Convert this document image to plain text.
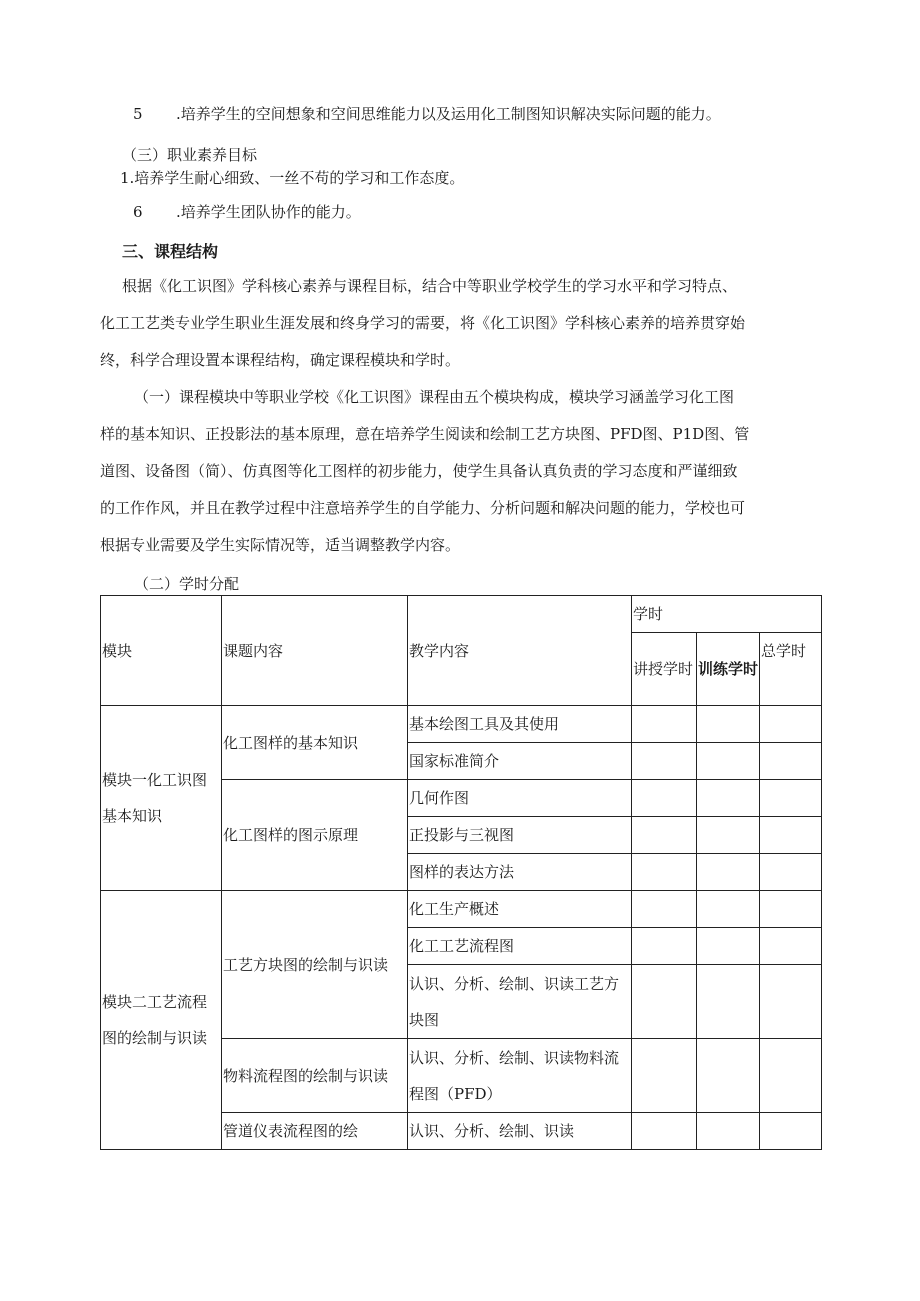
5 .培养学生的空间想象和空间思维能力以及运用化工制图知识解决实际问题的能力。
（三）职业素养目标
1.培养学生耐心细致、一丝不苟的学习和工作态度。
6 .培养学生团队协作的能力。
三、课程结构
根据《化工识图》学科核心素养与课程目标，结合中等职业学校学生的学习水平和学习特点、
化工工艺类专业学生职业生涯发展和终身学习的需要，将《化工识图》学科核心素养的培养贯穿始
终，科学合理设置本课程结构，确定课程模块和学时。
（一）课程模块中等职业学校《化工识图》课程由五个模块构成，模块学习涵盖学习化工图
样的基本知识、正投影法的基本原理，意在培养学生阅读和绘制工艺方块图、PFD图、P1D图、管
道图、设备图（简）、仿真图等化工图样的初步能力，使学生具备认真负责的学习态度和严谨细致
的工作作风，并且在教学过程中注意培养学生的自学能力、分析问题和解决问题的能力，学校也可
根据专业需要及学生实际情况等，适当调整教学内容。
（二）学时分配
模块	课题内容	教学内容	学时		
			讲授学时	训练学时	总学时
模块一化工识图基本知识	化工图样的基本知识	基本绘图工具及其使用			
		国家标准简介			
	化工图样的图示原理	几何作图			
		正投影与三视图			
		图样的表达方法			
模块二工艺流程图的绘制与识读	工艺方块图的绘制与识读	化工生产概述			
		化工工艺流程图			
		认识、分析、绘制、识读工艺方块图			
	物料流程图的绘制与识读	认识、分析、绘制、识读物料流程图（PFD）			
	管道仪表流程图的绘	认识、分析、绘制、识读			
